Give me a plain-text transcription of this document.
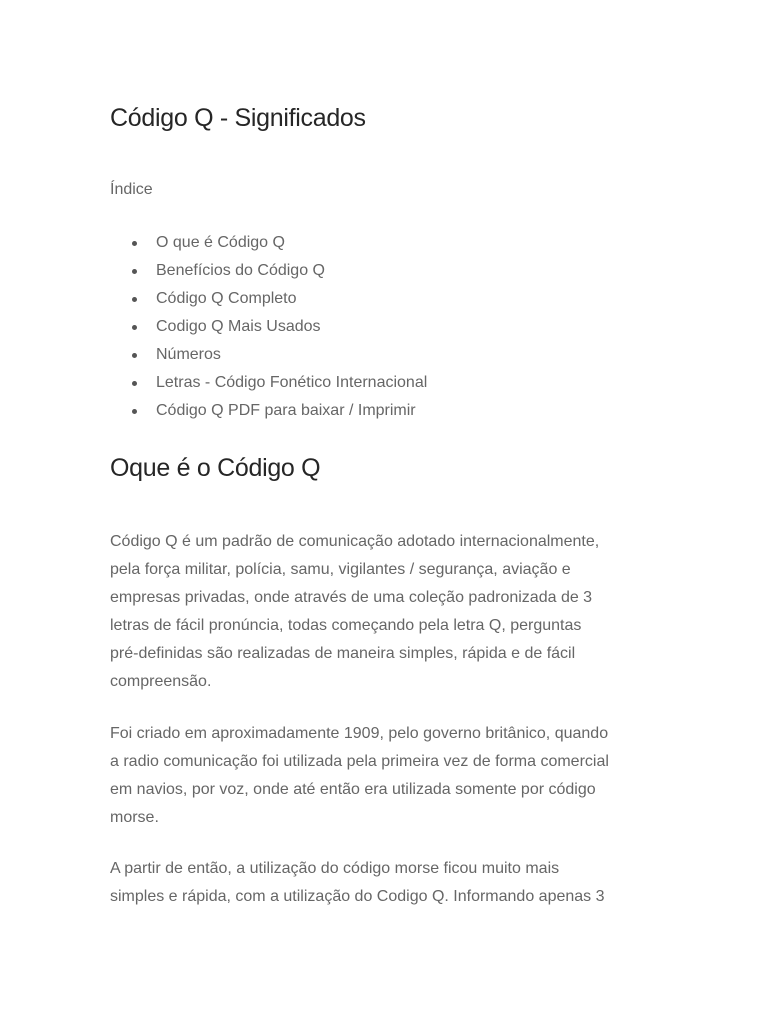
Código Q - Significados
Índice
O que é Código Q
Benefícios do Código Q
Código Q Completo
Codigo Q Mais Usados
Números
Letras - Código Fonético Internacional
Código Q PDF para baixar / Imprimir
Oque é o Código Q

Código Q é um padrão de comunicação adotado internacionalmente,
pela força militar, polícia, samu, vigilantes / segurança, aviação e
empresas privadas, onde através de uma coleção padronizada de 3
letras de fácil pronúncia, todas começando pela letra Q, perguntas
pré-definidas são realizadas de maneira simples, rápida e de fácil
compreensão.

Foi criado em aproximadamente 1909, pelo governo britânico, quando
a radio comunicação foi utilizada pela primeira vez de forma comercial
em navios, por voz, onde até então era utilizada somente por código
morse.

A partir de então, a utilização do código morse ficou muito mais
simples e rápida, com a utilização do Codigo Q. Informando apenas 3
